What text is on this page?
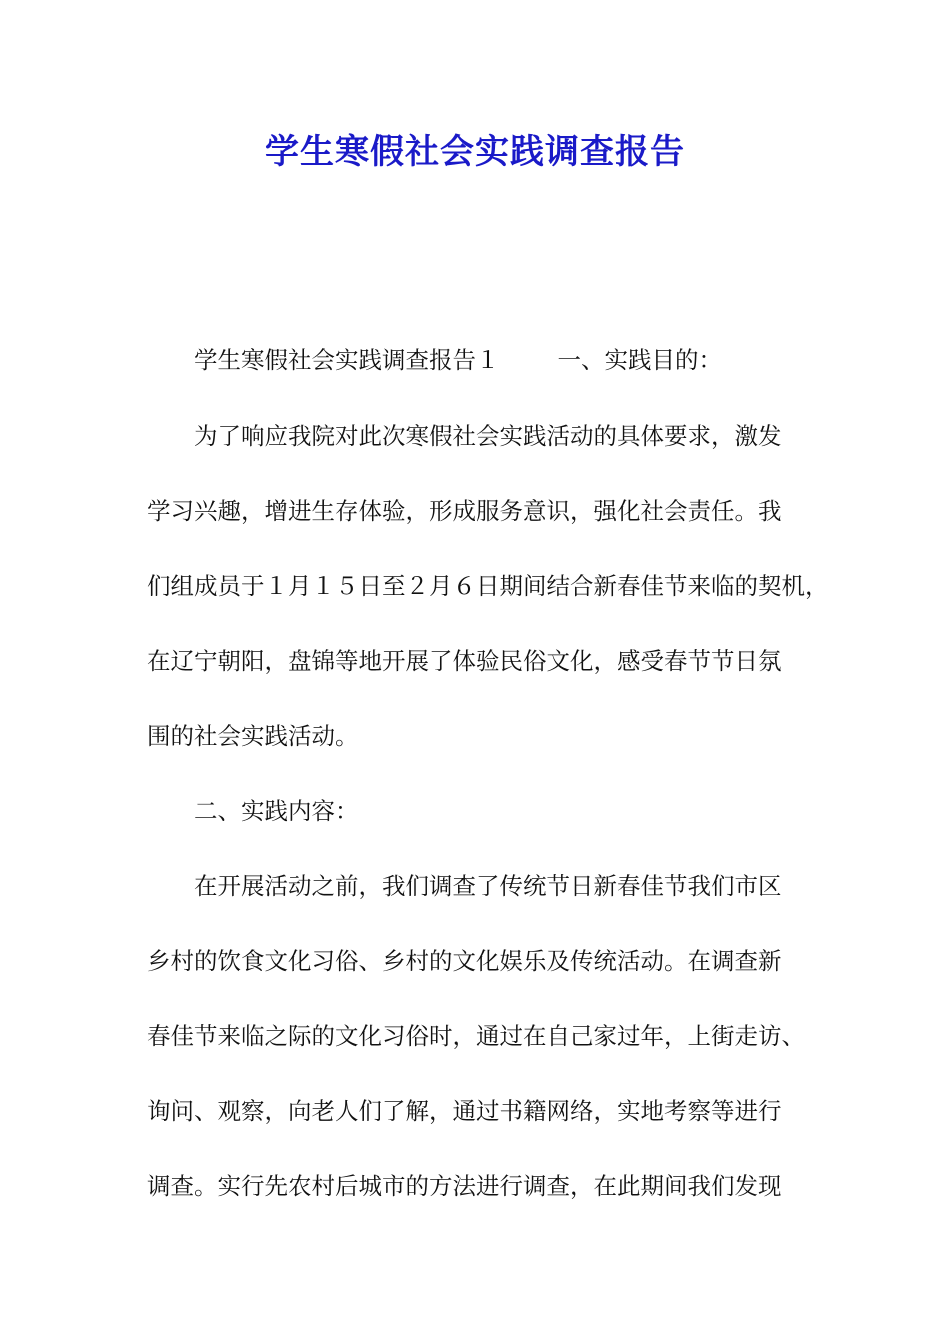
学生寒假社会实践调查报告
学生寒假社会实践调查报告１ 一、实践目的：
为了响应我院对此次寒假社会实践活动的具体要求，激发
学习兴趣，增进生存体验，形成服务意识，强化社会责任。我
们组成员于１月１５日至２月６日期间结合新春佳节来临的契机，
在辽宁朝阳，盘锦等地开展了体验民俗文化，感受春节节日氛
围的社会实践活动。
二、实践内容：
在开展活动之前，我们调查了传统节日新春佳节我们市区
乡村的饮食文化习俗、乡村的文化娱乐及传统活动。在调查新
春佳节来临之际的文化习俗时，通过在自己家过年，上街走访、
询问、观察，向老人们了解，通过书籍网络，实地考察等进行
调查。实行先农村后城市的方法进行调查，在此期间我们发现
